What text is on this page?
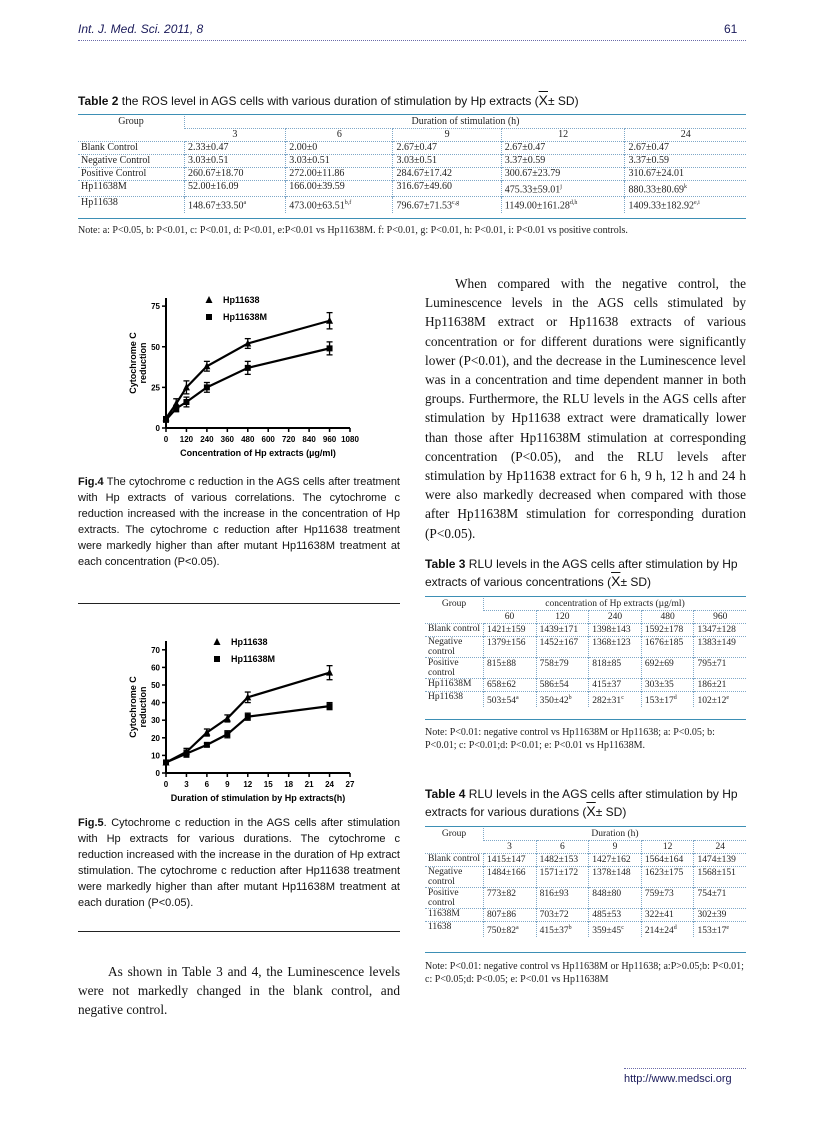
Int. J. Med. Sci. 2011, 8	61
Table 2 the ROS level in AGS cells with various duration of stimulation by Hp extracts $(\overline{X}\pm SD)$
Group	Duration of stimulation (h)				
	3	6	9	12	24
Blank Control	2.33±0.47	2.00±0	2.67±0.47	2.67±0.47	2.67±0.47
Negative Control	3.03±0.51	3.03±0.51	3.03±0.51	3.37±0.59	3.37±0.59
Positive Control	260.67±18.70	272.00±11.86	284.67±17.42	300.67±23.79	310.67±24.01
Hp11638M	52.00±16.09	166.00±39.59	316.67±49.60	$475.33\pm 59.01^j$	$880.33\pm 80.69^k$
Hp11638	148.67±33.50$^a$	$473.00\pm 63.51^{b,f}$	$796.67\pm 71.53^{c,g}$	$1149.00\pm 161.28^{d,h}$	$1409.33\pm 182.92^{e,i}$
Note: a: P<0.05, b: P<0.01, c: P<0.01, d: P<0.01, e:P<0.01 vs Hp11638M. f: P<0.01, g: P<0.01, h: P<0.01, i: P<0.01 vs positive controls.
0 120 240 360 480 600 720 840 960 1080
0
25
50
75
Concentration of Hp extracts (µg/ml)
Cytochrome C reduction
Hp11638
Hp11638M
Fig.4 The cytochrome c reduction in the AGS cells after treatment with Hp extracts of various correlations. The cytochrome c reduction increased with the increase in the concentration of Hp extracts. The cytochrome c reduction after Hp11638 treatment were markedly higher than after mutant Hp11638M treatment at each concentration (P<0.05).
0 3 6 9 12 15 18 21 24 27
0
10
20
30
40
50
60
70
Duration of stimulation by Hp extracts(h)
Cytochrome C reduction
Hp11638
Hp11638M
Fig.5. Cytochrome c reduction in the AGS cells after stimulation with Hp extracts for various durations. The cytochrome c reduction increased with the increase in the duration of Hp extract stimulation. The cytochrome c reduction after Hp11638 treatment were markedly higher than after mutant Hp11638M treatment at each duration (P<0.05).
As shown in Table 3 and 4, the Luminescence levels were not markedly changed in the blank control, and negative control.
When compared with the negative control, the Luminescence levels in the AGS cells stimulated by Hp11638M extract or Hp11638 extracts of various concentration or for different durations were significantly lower (P<0.01), and the decrease in the Luminescence level was in a concentration and time dependent manner in both groups. Furthermore, the RLU levels in the AGS cells after stimulation by Hp11638 extract were dramatically lower than those after Hp11638M stimulation at corresponding concentration (P<0.05), and the RLU levels after stimulation by Hp11638 extract for 6 h, 9 h, 12 h and 24 h were also markedly decreased when compared with those after Hp11638M stimulation for corresponding duration (P<0.05).
Table 3 RLU levels in the AGS cells after stimulation by Hp extracts of various concentrations $(\overline{X}\pm SD)$
Group	concentration of Hp extracts (µg/ml)				
	60	120	240	480	960
Blank control	1421±159	1439±171	1398±143	1592±178	1347±128
Negative control	1379±156	1452±167	1368±123	1676±185	1383±149
Positive control	815±88	758±79	818±85	692±69	795±71
Hp11638M	658±62	586±54	415±37	303±35	186±21
Hp11638	$503\pm 54^a$	$350\pm 42^b$	$282\pm 31^c$	$153\pm 17^d$	$102\pm 12^e$
Note: P<0.01: negative control vs Hp11638M or Hp11638; a: P<0.05; b: P<0.01; c: P<0.01;d: P<0.01; e: P<0.01 vs Hp11638M.
Table 4 RLU levels in the AGS cells after stimulation by Hp extracts for various durations $(\overline{X}\pm SD)$
Group	Duration (h)				
	3	6	9	12	24
Blank control	1415±147	1482±153	1427±162	1564±164	1474±139
Negative control	1484±166	1571±172	1378±148	1623±175	1568±151
Positive control	773±82	816±93	848±80	759±73	754±71
11638M	807±86	703±72	485±53	322±41	302±39
11638	$750\pm 82^a$	$415\pm 37^b$	$359\pm 45^c$	$214\pm 24^d$	$153\pm 17^e$
Note: P<0.01: negative control vs Hp11638M or Hp11638; a:P>0.05;b: P<0.01; c: P<0.05;d: P<0.05; e: P<0.01 vs Hp11638M
http://www.medsci.org
